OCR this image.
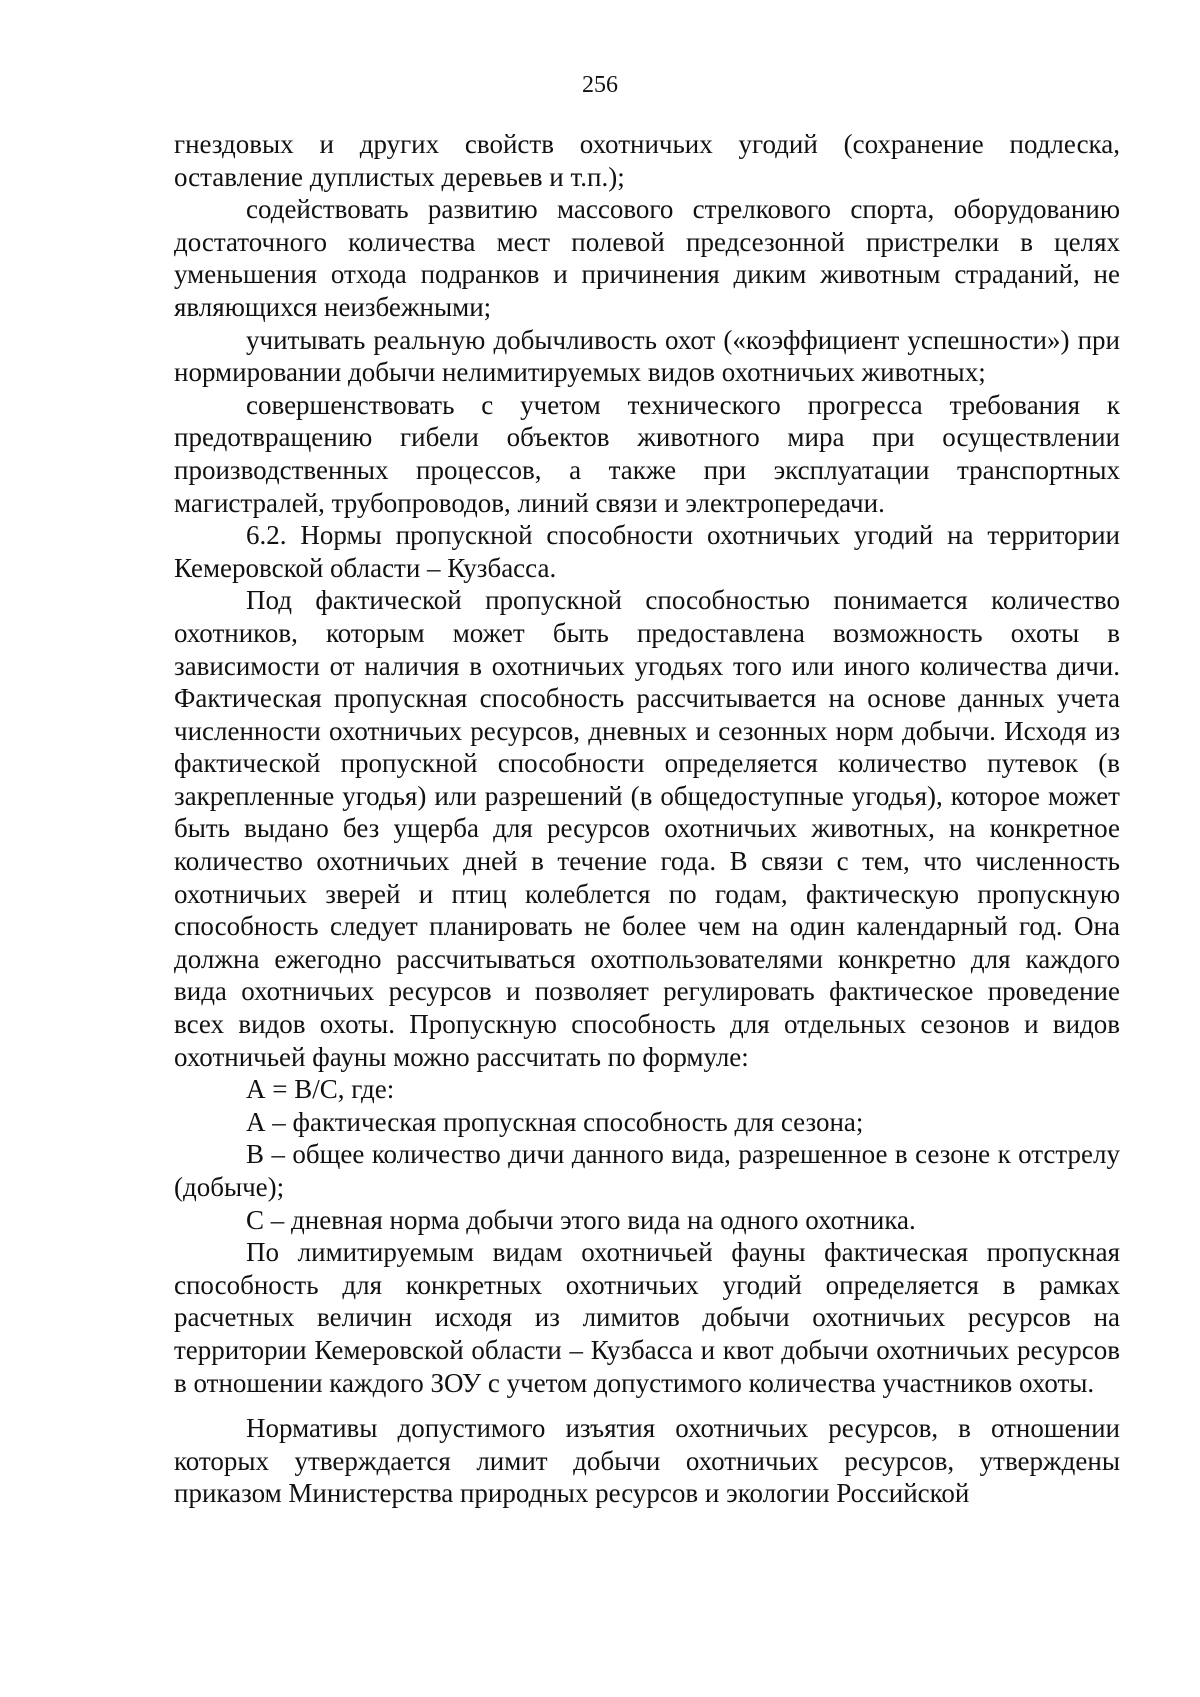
256

гнездовых и других свойств охотничьих угодий (сохранение подлеска, оставление дуплистых деревьев и т.п.);

содействовать развитию массового стрелкового спорта, оборудованию достаточного количества мест полевой предсезонной пристрелки в целях уменьшения отхода подранков и причинения диким животным страданий, не являющихся неизбежными;

учитывать реальную добычливость охот («коэффициент успешности») при нормировании добычи нелимитируемых видов охотничьих животных;

совершенствовать с учетом технического прогресса требования к предотвращению гибели объектов животного мира при осуществлении производственных процессов, а также при эксплуатации транспортных магистралей, трубопроводов, линий связи и электропередачи.

6.2. Нормы пропускной способности охотничьих угодий на территории Кемеровской области – Кузбасса.

Под фактической пропускной способностью понимается количество охотников, которым может быть предоставлена возможность охоты в зависимости от наличия в охотничьих угодьях того или иного количества дичи. Фактическая пропускная способность рассчитывается на основе данных учета численности охотничьих ресурсов, дневных и сезонных норм добычи. Исходя из фактической пропускной способности определяется количество путевок (в закрепленные угодья) или разрешений (в общедоступные угодья), которое может быть выдано без ущерба для ресурсов охотничьих животных, на конкретное количество охотничьих дней в течение года. В связи с тем, что численность охотничьих зверей и птиц колеблется по годам, фактическую пропускную способность следует планировать не более чем на один календарный год. Она должна ежегодно рассчитываться охотпользователями конкретно для каждого вида охотничьих ресурсов и позволяет регулировать фактическое проведение всех видов охоты. Пропускную способность для отдельных сезонов и видов охотничьей фауны можно рассчитать по формуле:

А = В/С, где:

А – фактическая пропускная способность для сезона;

В – общее количество дичи данного вида, разрешенное в сезоне к отстрелу (добыче);

С – дневная норма добычи этого вида на одного охотника.

По лимитируемым видам охотничьей фауны фактическая пропускная способность для конкретных охотничьих угодий определяется в рамках расчетных величин исходя из лимитов добычи охотничьих ресурсов на территории Кемеровской области – Кузбасса и квот добычи охотничьих ресурсов в отношении каждого ЗОУ с учетом допустимого количества участников охоты.

Нормативы допустимого изъятия охотничьих ресурсов, в отношении которых утверждается лимит добычи охотничьих ресурсов, утверждены приказом Министерства природных ресурсов и экологии Российской
